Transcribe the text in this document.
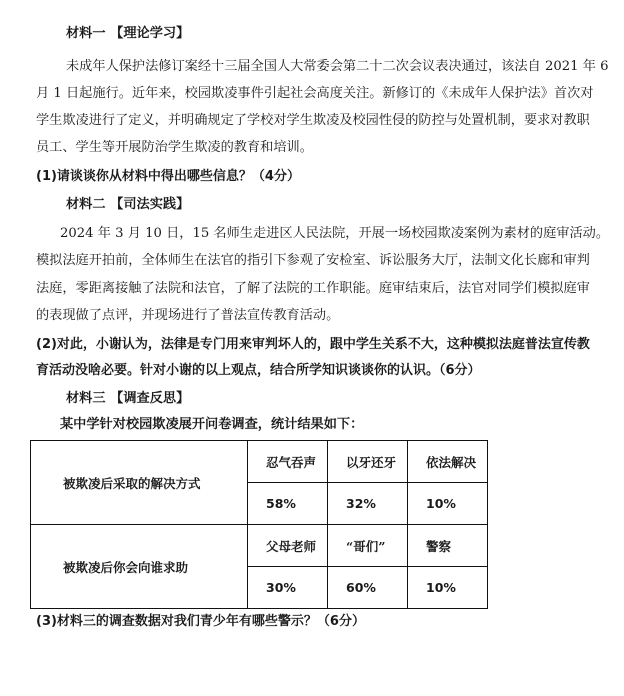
材料一 【理论学习】
未成年人保护法修订案经十三届全国人大常委会第二十二次会议表决通过，该法自 2021 年 6
月 1 日起施行。近年来，校园欺凌事件引起社会高度关注。新修订的《未成年人保护法》首次对
学生欺凌进行了定义，并明确规定了学校对学生欺凌及校园性侵的防控与处置机制，要求对教职
员工、学生等开展防治学生欺凌的教育和培训。
(1)请谈谈你从材料中得出哪些信息？（4分）
材料二 【司法实践】
2024 年 3 月 10 日，15 名师生走进区人民法院，开展一场校园欺凌案例为素材的庭审活动。
模拟法庭开拍前，全体师生在法官的指引下参观了安检室、诉讼服务大厅，法制文化长廊和审判
法庭，零距离接触了法院和法官，了解了法院的工作职能。庭审结束后，法官对同学们模拟庭审
的表现做了点评，并现场进行了普法宣传教育活动。
(2)对此，小谢认为，法律是专门用来审判坏人的，跟中学生关系不大，这种模拟法庭普法宣传教
育活动没啥必要。针对小谢的以上观点，结合所学知识谈谈你的认识。（6分）
材料三 【调查反思】
某中学针对校园欺凌展开问卷调查，统计结果如下：
被欺凌后采取的解决方式	忍气吞声	以牙还牙	依法解决
	58%	32%	10%
被欺凌后你会向谁求助	父母老师	“哥们”	警察
	30%	60%	10%
(3)材料三的调查数据对我们青少年有哪些警示？（6分）
